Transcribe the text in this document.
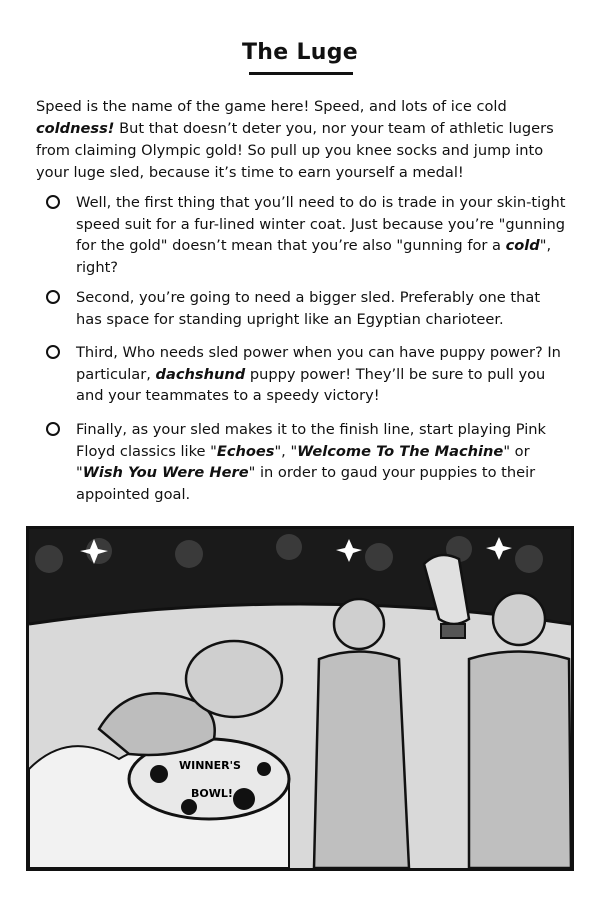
The Luge
Speed is the name of the game here! Speed, and lots of ice cold coldness! But that doesn’t deter you, nor your team of athletic lugers from claiming Olympic gold! So pull up you knee socks and jump into your luge sled, because it’s time to earn yourself a medal!
Well, the first thing that you’ll need to do is trade in your skin-tight speed suit for a fur-lined winter coat. Just because you’re "gunning for the gold" doesn’t mean that you’re also "gunning for a cold", right?
Second, you’re going to need a bigger sled. Preferably one that has space for standing upright like an Egyptian charioteer.
Third, Who needs sled power when you can have puppy power? In particular, dachshund puppy power! They’ll be sure to pull you and your teammates to a speedy victory!
Finally, as your sled makes it to the finish line, start playing Pink Floyd classics like "Echoes", "Welcome To The Machine" or "Wish You Were Here" in order to gaud your puppies to their appointed goal.
WINNER'S
BOWL!
